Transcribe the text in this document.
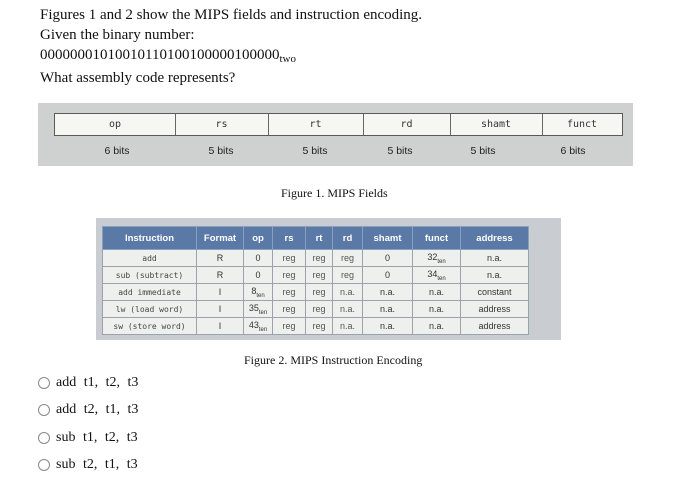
Figures 1 and 2 show the MIPS fields and instruction encoding.
Given the binary number:
$00000001010010110100100000100000_{two}$
What assembly code represents?
op	rs	rt	rd	shamt	funct
6 bits	5 bits	5 bits	5 bits	5 bits	6 bits
Figure 1. MIPS Fields
Instruction	Format	op	rs	rt	rd	shamt	funct	address
add	R	0	reg	reg	reg	0	$32_{ten}$	n.a.
sub (subtract)	R	0	reg	reg	reg	0	$34_{ten}$	n.a.
add immediate	I	$8_{ten}$	reg	reg	n.a.	n.a.	n.a.	constant
lw (load word)	I	$35_{ten}$	reg	reg	n.a.	n.a.	n.a.	address
sw (store word)	I	$43_{ten}$	reg	reg	n.a.	n.a.	n.a.	address
Figure 2. MIPS Instruction Encoding
add t1, t2, t3
add t2, t1, t3
sub t1, t2, t3
sub t2, t1, t3
